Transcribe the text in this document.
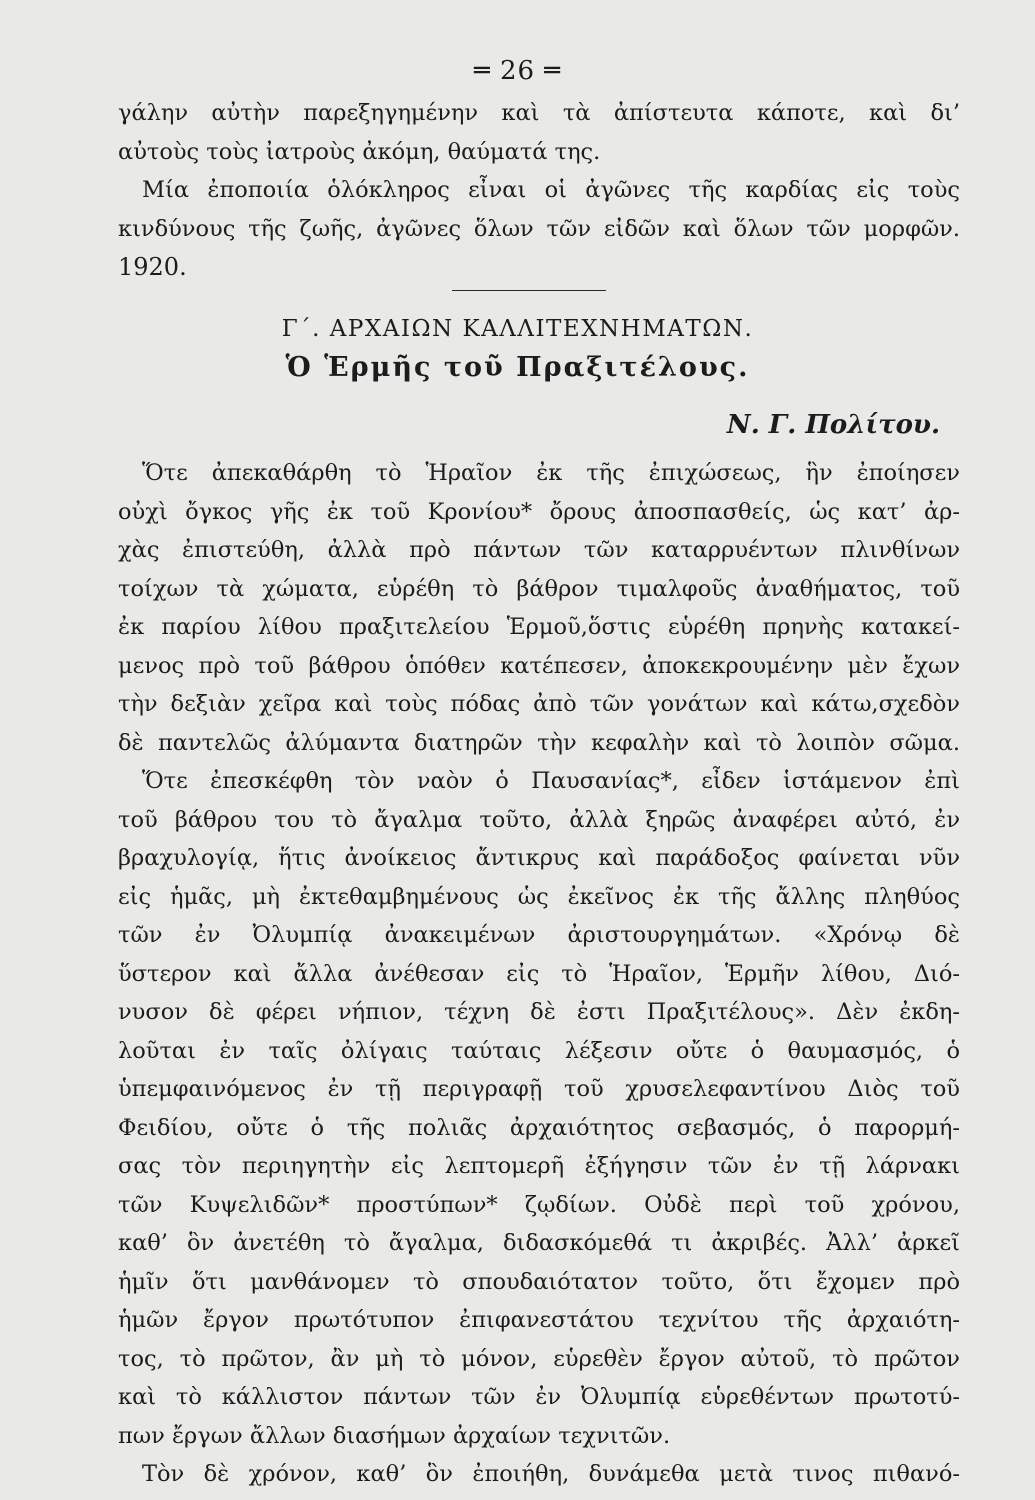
═ 26 ═
γάλην αὐτὴν παρεξηγημένην καὶ τὰ ἀπίστευτα κάποτε, καὶ δι’
αὐτοὺς τοὺς ἰατροὺς ἀκόμη, θαύματά της.
Μία ἐποποιία ὁλόκληρος εἶναι οἱ ἀγῶνες τῆς καρδίας εἰς τοὺς
κινδύνους τῆς ζωῆς, ἀγῶνες ὅλων τῶν εἰδῶν καὶ ὅλων τῶν μορφῶν.
1920.
Γ΄. ΑΡΧΑΙΩΝ ΚΑΛΛΙΤΕΧΝΗΜΑΤΩΝ.
Ὁ Ἑρμῆς τοῦ Πραξιτέλους.
Ν. Γ. Πολίτου.
Ὅτε ἀπεκαθάρθη τὸ Ἡραῖον ἐκ τῆς ἐπιχώσεως, ἣν ἐποίησεν
οὐχὶ ὄγκος γῆς ἐκ τοῦ Κρονίου* ὄρους ἀποσπασθείς, ὡς κατ’ ἀρ-
χὰς ἐπιστεύθη, ἀλλὰ πρὸ πάντων τῶν καταρρυέντων πλινθίνων
τοίχων τὰ χώματα, εὑρέθη τὸ βάθρον τιμαλφοῦς ἀναθήματος, τοῦ
ἐκ παρίου λίθου πραξιτελείου Ἑρμοῦ,ὅστις εὑρέθη πρηνὴς κατακεί-
μενος πρὸ τοῦ βάθρου ὁπόθεν κατέπεσεν, ἀποκεκρουμένην μὲν ἔχων
τὴν δεξιὰν χεῖρα καὶ τοὺς πόδας ἀπὸ τῶν γονάτων καὶ κάτω,σχεδὸν
δὲ παντελῶς ἀλύμαντα διατηρῶν τὴν κεφαλὴν καὶ τὸ λοιπὸν σῶμα.
Ὅτε ἐπεσκέφθη τὸν ναὸν ὁ Παυσανίας*, εἶδεν ἱστάμενον ἐπὶ
τοῦ βάθρου του τὸ ἄγαλμα τοῦτο, ἀλλὰ ξηρῶς ἀναφέρει αὐτό, ἐν
βραχυλογίᾳ, ἥτις ἀνοίκειος ἄντικρυς καὶ παράδοξος φαίνεται νῦν
εἰς ἡμᾶς, μὴ ἐκτεθαμβημένους ὡς ἐκεῖνος ἐκ τῆς ἄλλης πληθύος
τῶν ἐν Ὀλυμπίᾳ ἀνακειμένων ἀριστουργημάτων. «Χρόνῳ δὲ
ὕστερον καὶ ἄλλα ἀνέθεσαν εἰς τὸ Ἡραῖον, Ἑρμῆν λίθου, Διό-
νυσον δὲ φέρει νήπιον, τέχνη δὲ ἐστι Πραξιτέλους». Δὲν ἐκδη-
λοῦται ἐν ταῖς ὀλίγαις ταύταις λέξεσιν οὔτε ὁ θαυμασμός, ὁ
ὑπεμφαινόμενος ἐν τῇ περιγραφῇ τοῦ χρυσελεφαντίνου Διὸς τοῦ
Φειδίου, οὔτε ὁ τῆς πολιᾶς ἀρχαιότητος σεβασμός, ὁ παρορμή-
σας τὸν περιηγητὴν εἰς λεπτομερῆ ἐξήγησιν τῶν ἐν τῇ λάρνακι
τῶν Κυψελιδῶν* προστύπων* ζῳδίων. Οὐδὲ περὶ τοῦ χρόνου,
καθ’ ὃν ἀνετέθη τὸ ἄγαλμα, διδασκόμεθά τι ἀκριβές. Ἀλλ’ ἀρκεῖ
ἡμῖν ὅτι μανθάνομεν τὸ σπουδαιότατον τοῦτο, ὅτι ἔχομεν πρὸ
ἡμῶν ἔργον πρωτότυπον ἐπιφανεστάτου τεχνίτου τῆς ἀρχαιότη-
τος, τὸ πρῶτον, ἂν μὴ τὸ μόνον, εὑρεθὲν ἔργον αὐτοῦ, τὸ πρῶτον
καὶ τὸ κάλλιστον πάντων τῶν ἐν Ὀλυμπίᾳ εὑρεθέντων πρωτοτύ-
πων ἔργων ἄλλων διασήμων ἀρχαίων τεχνιτῶν.
Τὸν δὲ χρόνον, καθ’ ὃν ἐποιήθη, δυνάμεθα μετὰ τινος πιθανό-
